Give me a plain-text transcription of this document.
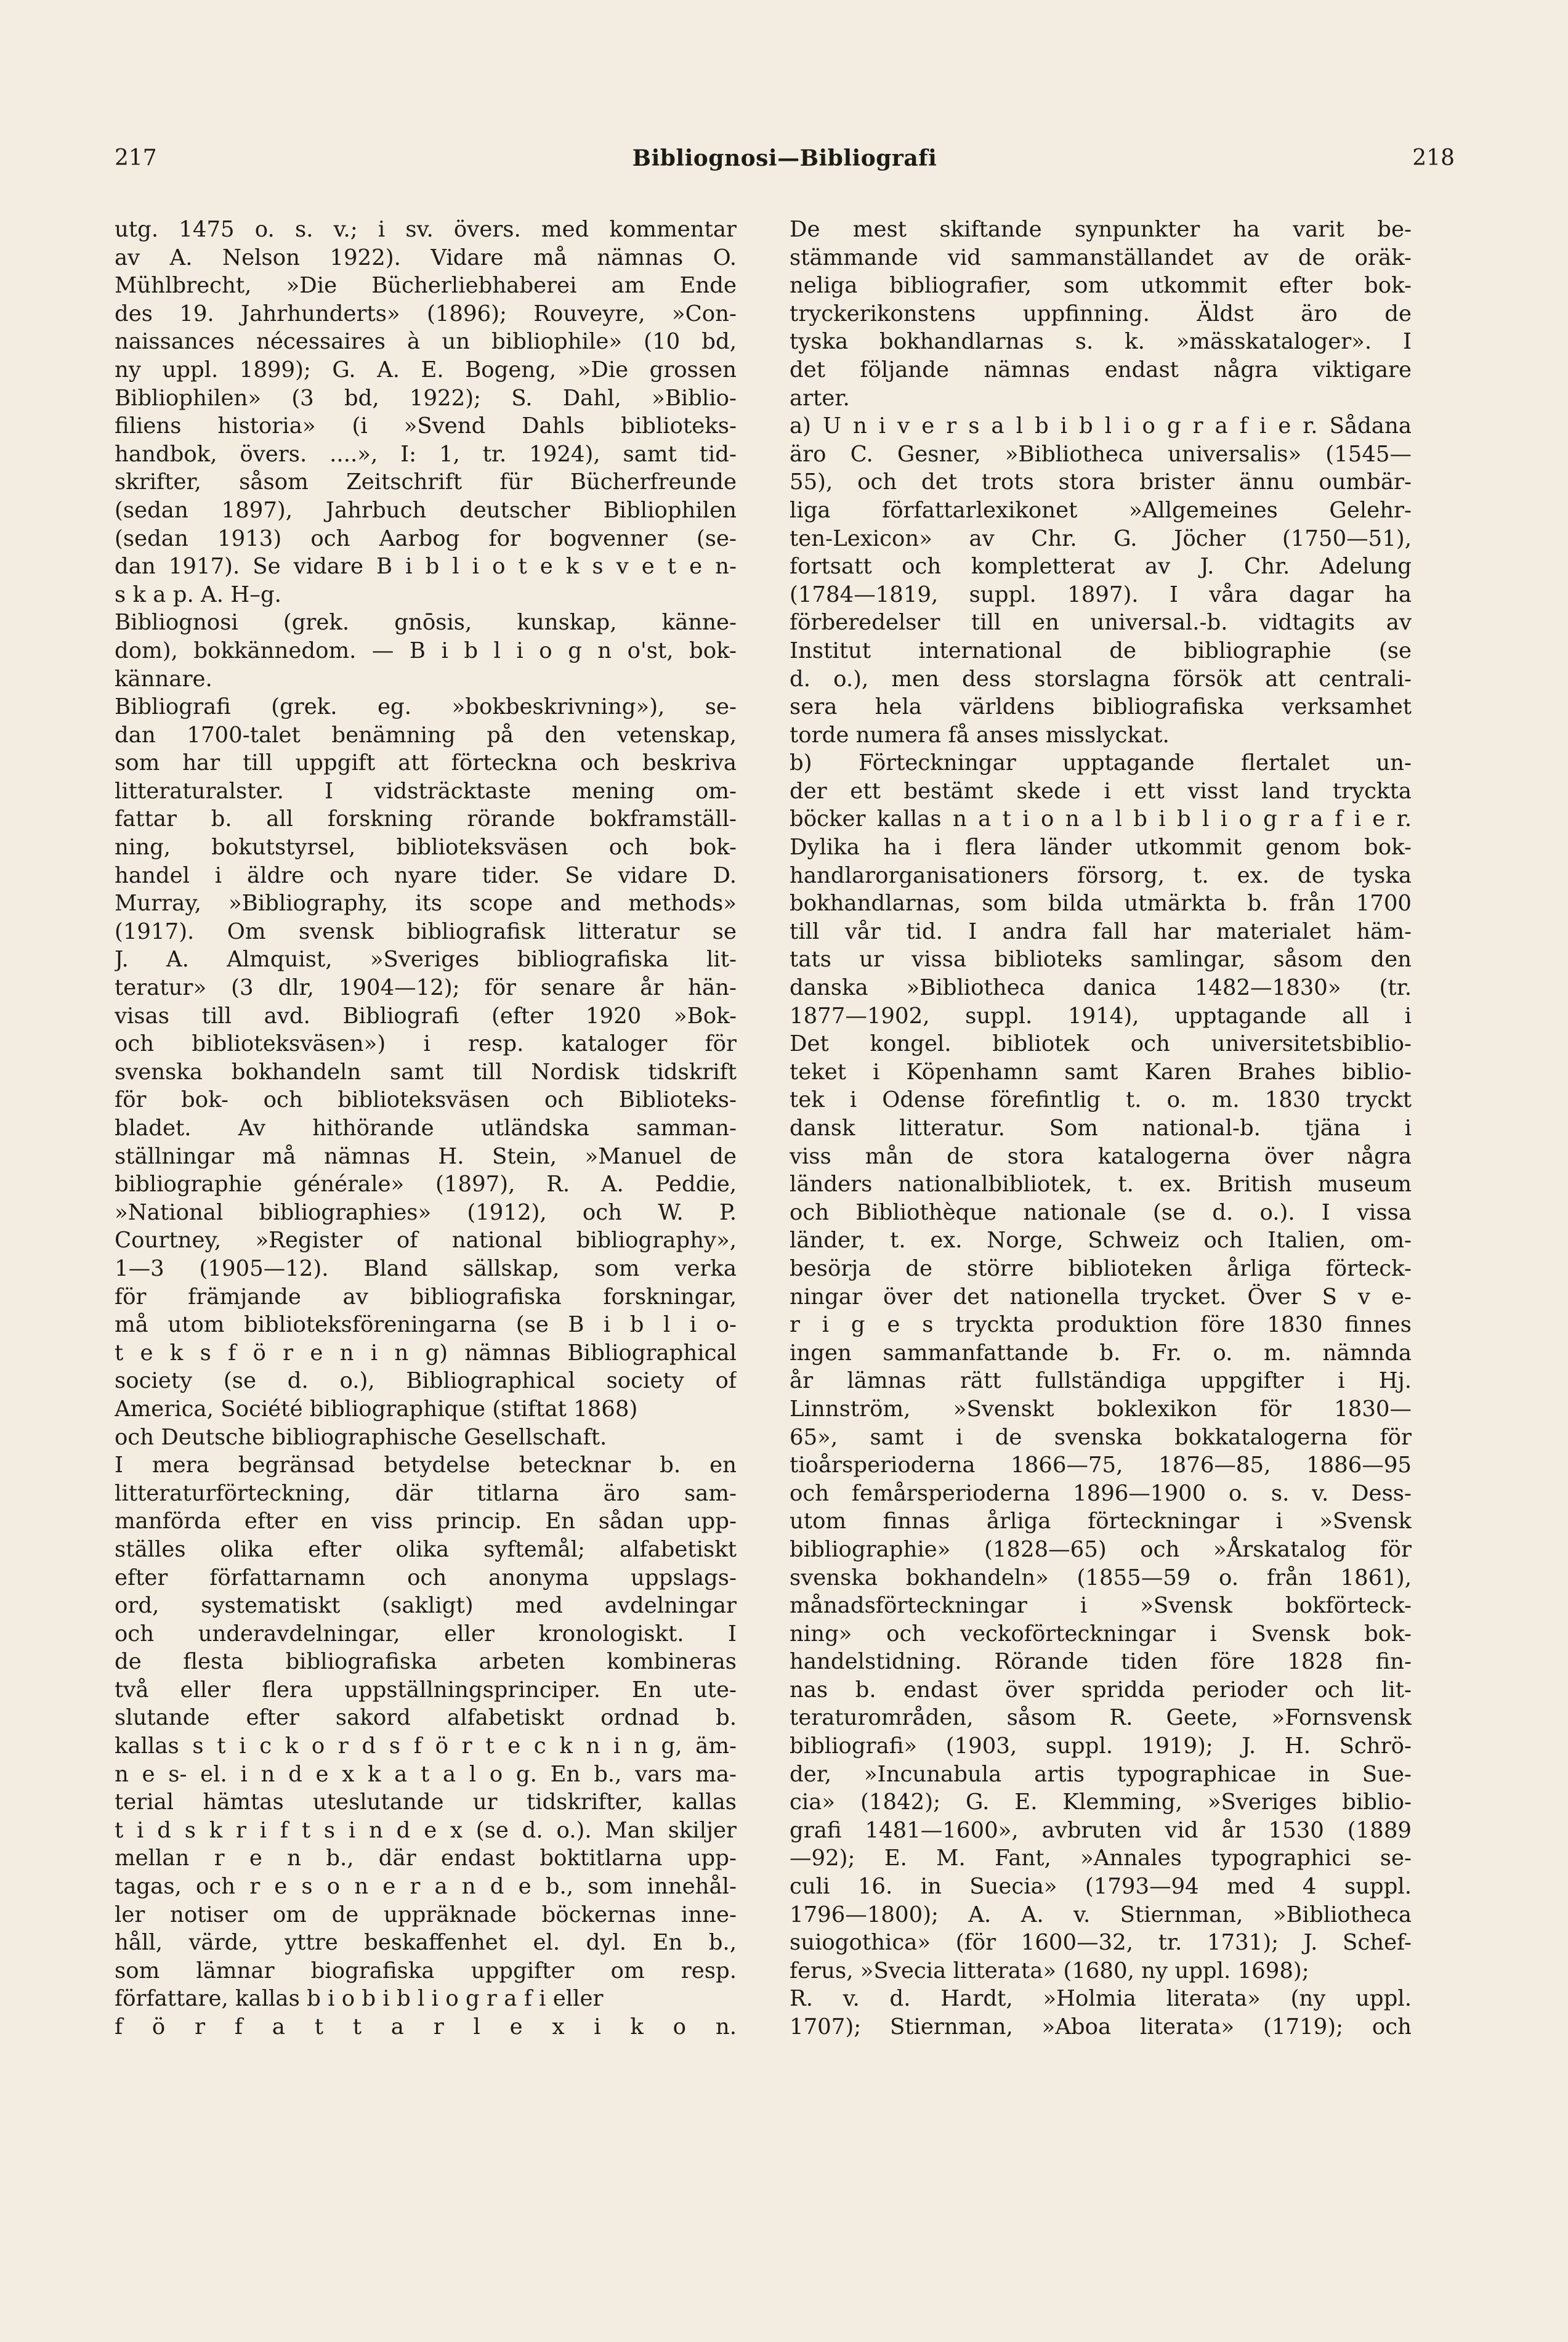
217	Bibliognosi—Bibliografi	218
utg. 1475 o. s. v.; i sv. övers. med kommentar
av A. Nelson 1922). Vidare må nämnas O.
Mühlbrecht, »Die Bücherliebhaberei am Ende
des 19. Jahrhunderts» (1896); Rouveyre, »Con-
naissances nécessaires à un bibliophile» (10 bd,
ny uppl. 1899); G. A. E. Bogeng, »Die grossen
Bibliophilen» (3 bd, 1922); S. Dahl, »Biblio-
filiens historia» (i »Svend Dahls biblioteks-
handbok, övers. ....», I: 1, tr. 1924), samt tid-
skrifter, såsom Zeitschrift für Bücherfreunde
(sedan 1897), Jahrbuch deutscher Bibliophilen
(sedan 1913) och Aarbog for bogvenner (se-
dan 1917). Se vidare B i b l i o t e k s v e t e n-
s k a p. A. H–g.
Bibliognosi (grek. gnōsis, kunskap, känne-
dom), bokkännedom. — B i b l i o g n o'st, bok-
kännare.
Bibliografi (grek. eg. »bokbeskrivning»), se-
dan 1700-talet benämning på den vetenskap,
som har till uppgift att förteckna och beskriva
litteraturalster. I vidsträcktaste mening om-
fattar b. all forskning rörande bokframställ-
ning, bokutstyrsel, biblioteksväsen och bok-
handel i äldre och nyare tider. Se vidare D.
Murray, »Bibliography, its scope and methods»
(1917). Om svensk bibliografisk litteratur se
J. A. Almquist, »Sveriges bibliografiska lit-
teratur» (3 dlr, 1904—12); för senare år hän-
visas till avd. Bibliografi (efter 1920 »Bok-
och biblioteksväsen») i resp. kataloger för
svenska bokhandeln samt till Nordisk tidskrift
för bok- och biblioteksväsen och Biblioteks-
bladet. Av hithörande utländska samman-
ställningar må nämnas H. Stein, »Manuel de
bibliographie générale» (1897), R. A. Peddie,
»National bibliographies» (1912), och W. P.
Courtney, »Register of national bibliography»,
1—3 (1905—12). Bland sällskap, som verka
för främjande av bibliografiska forskningar,
må utom biblioteksföreningarna (se B i b l i o-
t e k s f ö r e n i n g) nämnas Bibliographical
society (se d. o.), Bibliographical society of
America, Société bibliographique (stiftat 1868)
och Deutsche bibliographische Gesellschaft.
I mera begränsad betydelse betecknar b. en
litteraturförteckning, där titlarna äro sam-
manförda efter en viss princip. En sådan upp-
ställes olika efter olika syftemål; alfabetiskt
efter författarnamn och anonyma uppslags-
ord, systematiskt (sakligt) med avdelningar
och underavdelningar, eller kronologiskt. I
de flesta bibliografiska arbeten kombineras
två eller flera uppställningsprinciper. En ute-
slutande efter sakord alfabetiskt ordnad b.
kallas s t i c k o r d s f ö r t e c k n i n g, äm-
n e s- el. i n d e x k a t a l o g. En b., vars ma-
terial hämtas uteslutande ur tidskrifter, kallas
t i d s k r i f t s i n d e x (se d. o.). Man skiljer
mellan r e n b., där endast boktitlarna upp-
tagas, och r e s o n e r a n d e b., som innehål-
ler notiser om de uppräknade böckernas inne-
håll, värde, yttre beskaffenhet el. dyl. En b.,
som lämnar biografiska uppgifter om resp.
författare, kallas b i o b i b l i o g r a f i eller
f ö r f a t t a r l e x i k o n.
De mest skiftande synpunkter ha varit be-
stämmande vid sammanställandet av de oräk-
neliga bibliografier, som utkommit efter bok-
tryckerikonstens uppfinning. Äldst äro de
tyska bokhandlarnas s. k. »mässkataloger». I
det följande nämnas endast några viktigare
arter.
a) U n i v e r s a l b i b l i o g r a f i e r. Sådana
äro C. Gesner, »Bibliotheca universalis» (1545—
55), och det trots stora brister ännu oumbär-
liga författarlexikonet »Allgemeines Gelehr-
ten-Lexicon» av Chr. G. Jöcher (1750—51),
fortsatt och kompletterat av J. Chr. Adelung
(1784—1819, suppl. 1897). I våra dagar ha
förberedelser till en universal.-b. vidtagits av
Institut international de bibliographie (se
d. o.), men dess storslagna försök att centrali-
sera hela världens bibliografiska verksamhet
torde numera få anses misslyckat.
b) Förteckningar upptagande flertalet un-
der ett bestämt skede i ett visst land tryckta
böcker kallas n a t i o n a l b i b l i o g r a f i e r.
Dylika ha i flera länder utkommit genom bok-
handlarorganisationers försorg, t. ex. de tyska
bokhandlarnas, som bilda utmärkta b. från 1700
till vår tid. I andra fall har materialet häm-
tats ur vissa biblioteks samlingar, såsom den
danska »Bibliotheca danica 1482—1830» (tr.
1877—1902, suppl. 1914), upptagande all i
Det kongel. bibliotek och universitetsbiblio-
teket i Köpenhamn samt Karen Brahes biblio-
tek i Odense förefintlig t. o. m. 1830 tryckt
dansk litteratur. Som national-b. tjäna i
viss mån de stora katalogerna över några
länders nationalbibliotek, t. ex. British museum
och Bibliothèque nationale (se d. o.). I vissa
länder, t. ex. Norge, Schweiz och Italien, om-
besörja de större biblioteken årliga förteck-
ningar över det nationella trycket. Över S v e-
r i g e s tryckta produktion före 1830 finnes
ingen sammanfattande b. Fr. o. m. nämnda
år lämnas rätt fullständiga uppgifter i Hj.
Linnström, »Svenskt boklexikon för 1830—
65», samt i de svenska bokkatalogerna för
tioårsperioderna 1866—75, 1876—85, 1886—95
och femårsperioderna 1896—1900 o. s. v. Dess-
utom finnas årliga förteckningar i »Svensk
bibliographie» (1828—65) och »Årskatalog för
svenska bokhandeln» (1855—59 o. från 1861),
månadsförteckningar i »Svensk bokförteck-
ning» och veckoförteckningar i Svensk bok-
handelstidning. Rörande tiden före 1828 fin-
nas b. endast över spridda perioder och lit-
teraturområden, såsom R. Geete, »Fornsvensk
bibliografi» (1903, suppl. 1919); J. H. Schrö-
der, »Incunabula artis typographicae in Sue-
cia» (1842); G. E. Klemming, »Sveriges biblio-
grafi 1481—1600», avbruten vid år 1530 (1889
—92); E. M. Fant, »Annales typographici se-
culi 16. in Suecia» (1793—94 med 4 suppl.
1796—1800); A. A. v. Stiernman, »Bibliotheca
suiogothica» (för 1600—32, tr. 1731); J. Schef-
ferus, »Svecia litterata» (1680, ny uppl. 1698);
R. v. d. Hardt, »Holmia literata» (ny uppl.
1707); Stiernman, »Aboa literata» (1719); och
